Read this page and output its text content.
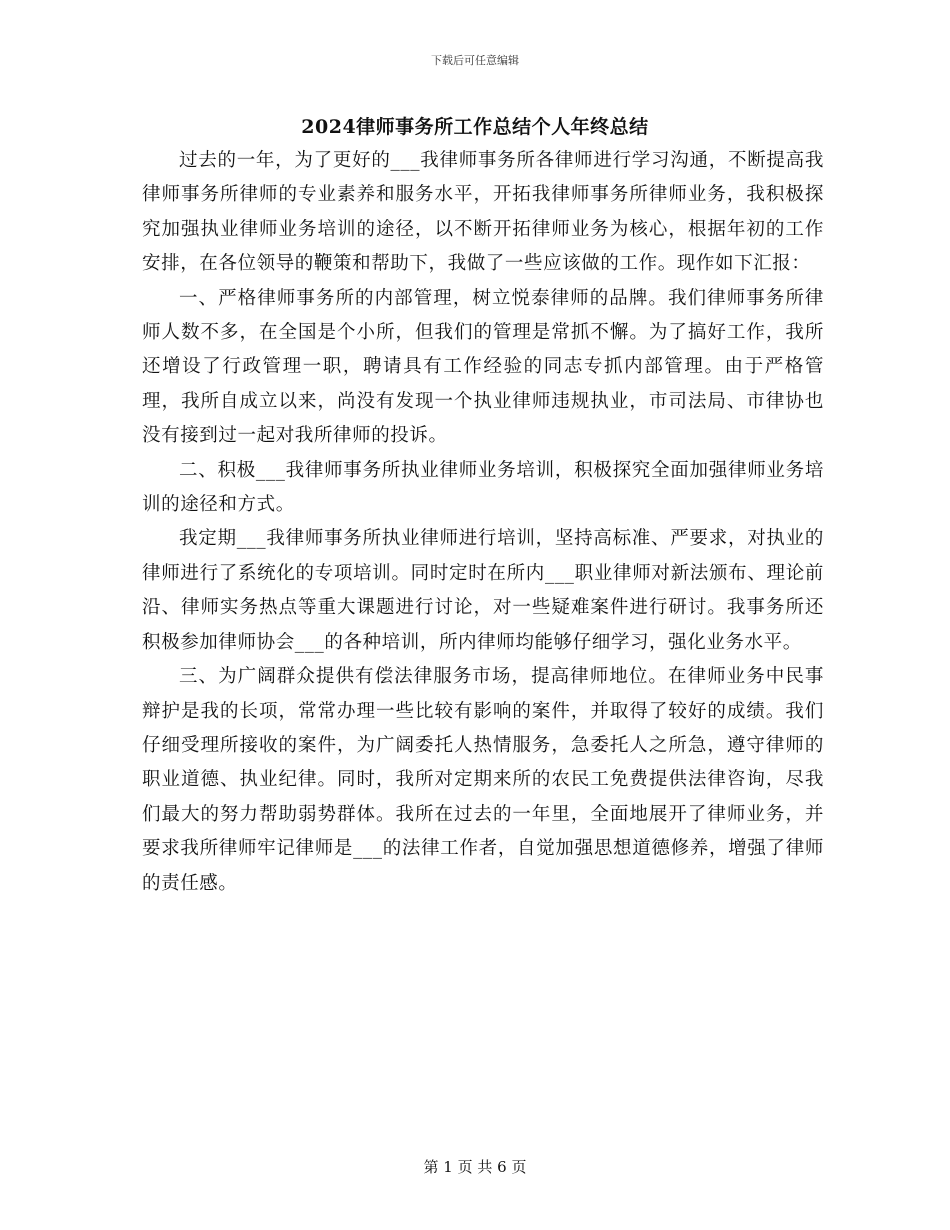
下载后可任意编辑
2024律师事务所工作总结个人年终总结

过去的一年，为了更好的___我律师事务所各律师进行学习沟通，不断提高我律师事务所律师的专业素养和服务水平，开拓我律师事务所律师业务，我积极探究加强执业律师业务培训的途径，以不断开拓律师业务为核心，根据年初的工作安排，在各位领导的鞭策和帮助下，我做了一些应该做的工作。现作如下汇报：

一、严格律师事务所的内部管理，树立悦泰律师的品牌。我们律师事务所律师人数不多，在全国是个小所，但我们的管理是常抓不懈。为了搞好工作，我所还增设了行政管理一职，聘请具有工作经验的同志专抓内部管理。由于严格管理，我所自成立以来，尚没有发现一个执业律师违规执业，市司法局、市律协也没有接到过一起对我所律师的投诉。

二、积极___我律师事务所执业律师业务培训，积极探究全面加强律师业务培训的途径和方式。

我定期___我律师事务所执业律师进行培训，坚持高标准、严要求，对执业的律师进行了系统化的专项培训。同时定时在所内___职业律师对新法颁布、理论前沿、律师实务热点等重大课题进行讨论，对一些疑难案件进行研讨。我事务所还积极参加律师协会___的各种培训，所内律师均能够仔细学习，强化业务水平。

三、为广阔群众提供有偿法律服务市场，提高律师地位。在律师业务中民事辩护是我的长项，常常办理一些比较有影响的案件，并取得了较好的成绩。我们仔细受理所接收的案件，为广阔委托人热情服务，急委托人之所急，遵守律师的职业道德、执业纪律。同时，我所对定期来所的农民工免费提供法律咨询，尽我们最大的努力帮助弱势群体。我所在过去的一年里，全面地展开了律师业务，并要求我所律师牢记律师是___的法律工作者，自觉加强思想道德修养，增强了律师的责任感。

第 1 页 共 6 页
